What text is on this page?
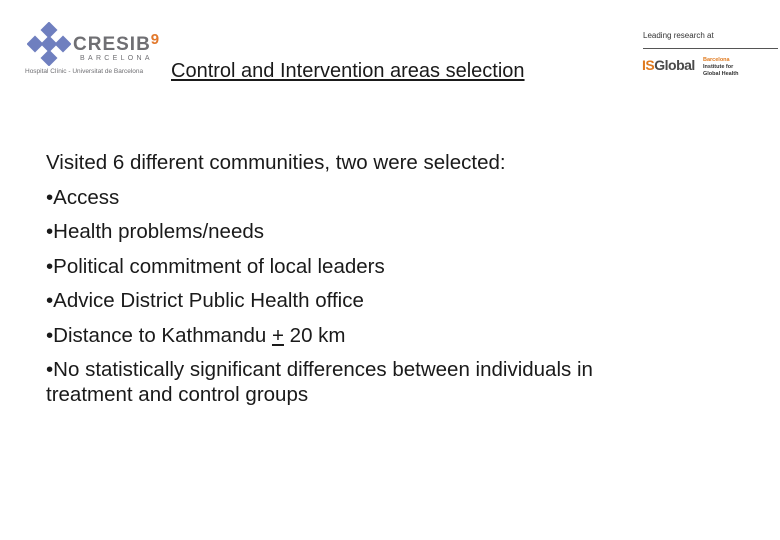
CRESIB$^9$
BARCELONA
Hospital Clínic - Universitat de Barcelona
Leading research at
ISGlobal Barcelona
Institute for
Global Health
Control and Intervention areas selection
Visited 6 different communities, two were selected:
•Access
•Health problems/needs
•Political commitment of local leaders
•Advice District Public Health office
•Distance to Kathmandu + 20 km
•No statistically significant differences between individuals in
treatment and control groups
